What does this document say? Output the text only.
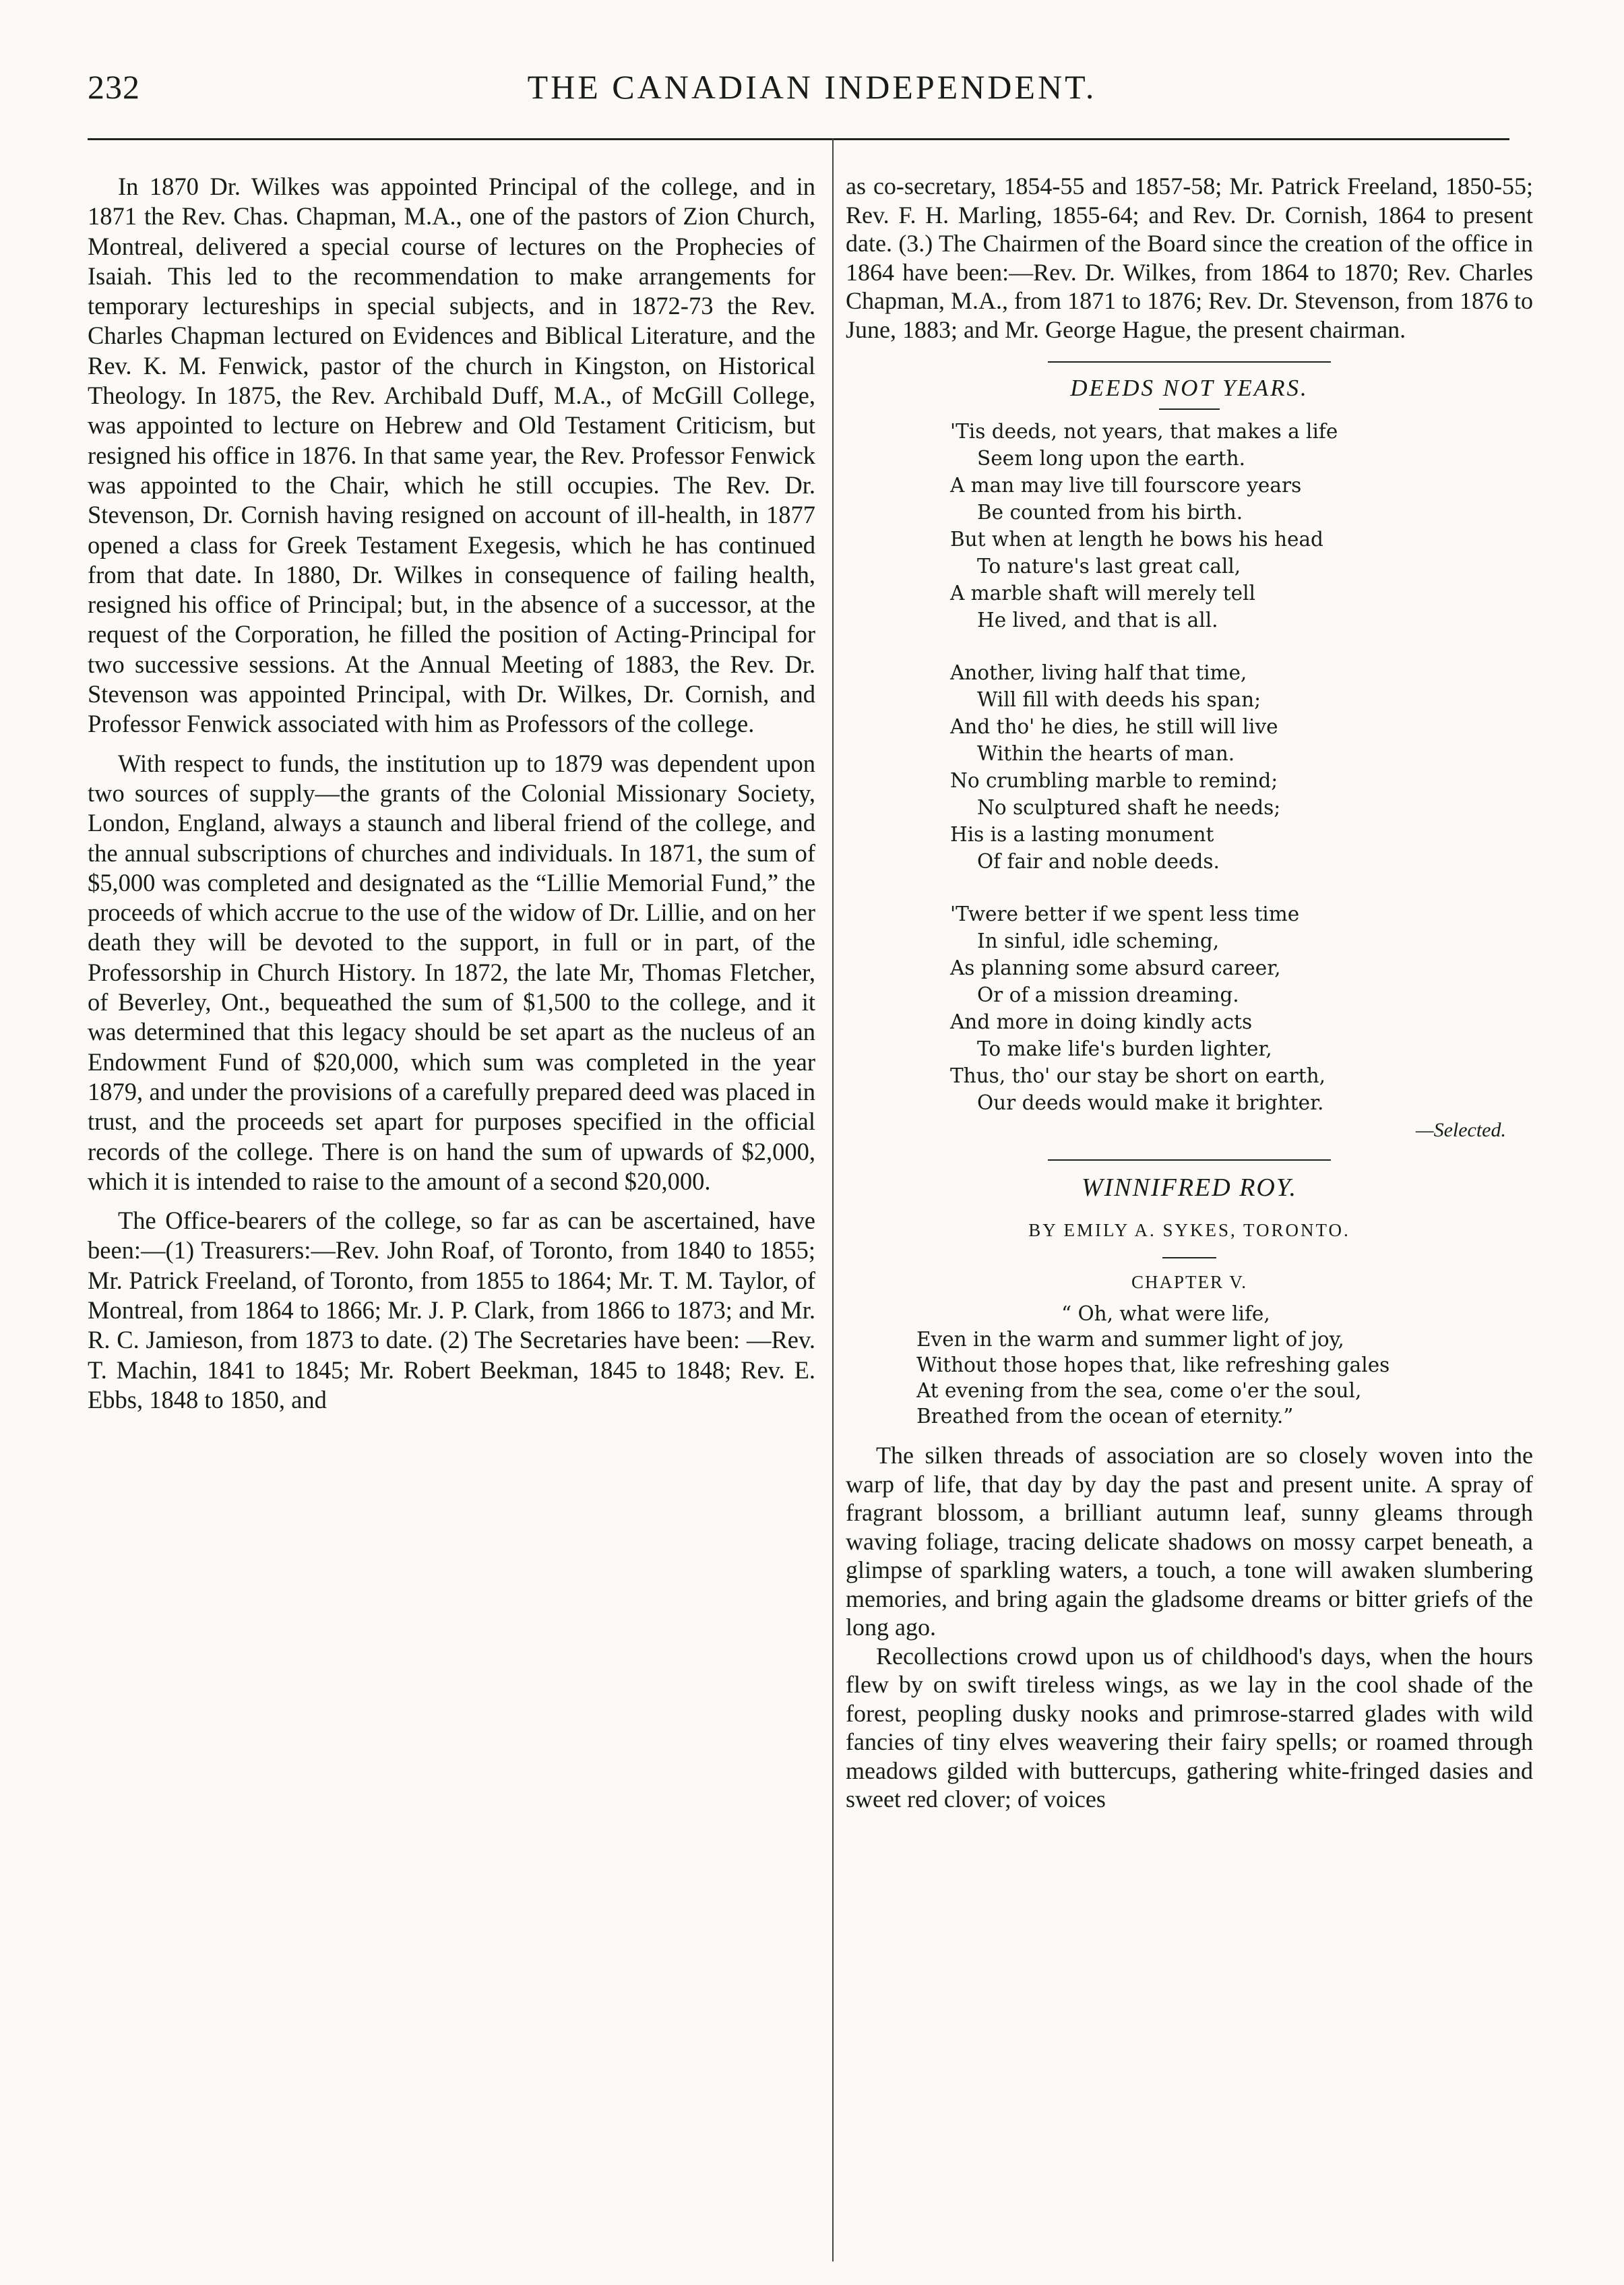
232	THE CANADIAN INDEPENDENT.

In 1870 Dr. Wilkes was appointed Principal of the college, and in 1871 the Rev. Chas. Chapman, M.A., one of the pastors of Zion Church, Montreal, delivered a special course of lectures on the Prophecies of Isaiah. This led to the recommendation to make arrangements for temporary lectureships in special subjects, and in 1872-73 the Rev. Charles Chapman lectured on Evidences and Biblical Literature, and the Rev. K. M. Fenwick, pastor of the church in Kingston, on Historical Theology. In 1875, the Rev. Archibald Duff, M.A., of McGill College, was appointed to lecture on Hebrew and Old Testament Criticism, but resigned his office in 1876. In that same year, the Rev. Professor Fenwick was appointed to the Chair, which he still occupies. The Rev. Dr. Stevenson, Dr. Cornish having resigned on account of ill-health, in 1877 opened a class for Greek Testament Exegesis, which he has continued from that date. In 1880, Dr. Wilkes in consequence of failing health, resigned his office of Principal; but, in the absence of a successor, at the request of the Corporation, he filled the position of Acting-Principal for two successive sessions. At the Annual Meeting of 1883, the Rev. Dr. Stevenson was appointed Principal, with Dr. Wilkes, Dr. Cornish, and Professor Fenwick associated with him as Professors of the college.

With respect to funds, the institution up to 1879 was dependent upon two sources of supply—the grants of the Colonial Missionary Society, London, England, always a staunch and liberal friend of the college, and the annual subscriptions of churches and individuals. In 1871, the sum of $5,000 was completed and designated as the “Lillie Memorial Fund,” the proceeds of which accrue to the use of the widow of Dr. Lillie, and on her death they will be devoted to the support, in full or in part, of the Professorship in Church History. In 1872, the late Mr, Thomas Fletcher, of Beverley, Ont., bequeathed the sum of $1,500 to the college, and it was determined that this legacy should be set apart as the nucleus of an Endowment Fund of $20,000, which sum was completed in the year 1879, and under the provisions of a carefully prepared deed was placed in trust, and the proceeds set apart for purposes specified in the official records of the college. There is on hand the sum of upwards of $2,000, which it is intended to raise to the amount of a second $20,000.

The Office-bearers of the college, so far as can be ascertained, have been:—(1) Treasurers:—Rev. John Roaf, of Toronto, from 1840 to 1855; Mr. Patrick Freeland, of Toronto, from 1855 to 1864; Mr. T. M. Taylor, of Montreal, from 1864 to 1866; Mr. J. P. Clark, from 1866 to 1873; and Mr. R. C. Jamieson, from 1873 to date. (2) The Secretaries have been: —Rev. T. Machin, 1841 to 1845; Mr. Robert Beekman, 1845 to 1848; Rev. E. Ebbs, 1848 to 1850, and

as co-secretary, 1854-55 and 1857-58; Mr. Patrick Freeland, 1850-55; Rev. F. H. Marling, 1855-64; and Rev. Dr. Cornish, 1864 to present date. (3.) The Chairmen of the Board since the creation of the office in 1864 have been:—Rev. Dr. Wilkes, from 1864 to 1870; Rev. Charles Chapman, M.A., from 1871 to 1876; Rev. Dr. Stevenson, from 1876 to June, 1883; and Mr. George Hague, the present chairman.

DEEDS NOT YEARS.
'Tis deeds, not years, that makes a life
Seem long upon the earth.
A man may live till fourscore years
Be counted from his birth.
But when at length he bows his head
To nature's last great call,
A marble shaft will merely tell
He lived, and that is all.
Another, living half that time,
Will fill with deeds his span;
And tho' he dies, he still will live
Within the hearts of man.
No crumbling marble to remind;
No sculptured shaft he needs;
His is a lasting monument
Of fair and noble deeds.
'Twere better if we spent less time
In sinful, idle scheming,
As planning some absurd career,
Or of a mission dreaming.
And more in doing kindly acts
To make life's burden lighter,
Thus, tho' our stay be short on earth,
Our deeds would make it brighter.
—Selected.
WINNIFRED ROY.
BY EMILY A. SYKES, TORONTO.
CHAPTER V.
“ Oh, what were life,
Even in the warm and summer light of joy,
Without those hopes that, like refreshing gales
At evening from the sea, come o'er the soul,
Breathed from the ocean of eternity.”

The silken threads of association are so closely woven into the warp of life, that day by day the past and present unite. A spray of fragrant blossom, a brilliant autumn leaf, sunny gleams through waving foliage, tracing delicate shadows on mossy carpet beneath, a glimpse of sparkling waters, a touch, a tone will awaken slumbering memories, and bring again the gladsome dreams or bitter griefs of the long ago.

Recollections crowd upon us of childhood's days, when the hours flew by on swift tireless wings, as we lay in the cool shade of the forest, peopling dusky nooks and primrose-starred glades with wild fancies of tiny elves weavering their fairy spells; or roamed through meadows gilded with buttercups, gathering white-fringed dasies and sweet red clover; of voices
